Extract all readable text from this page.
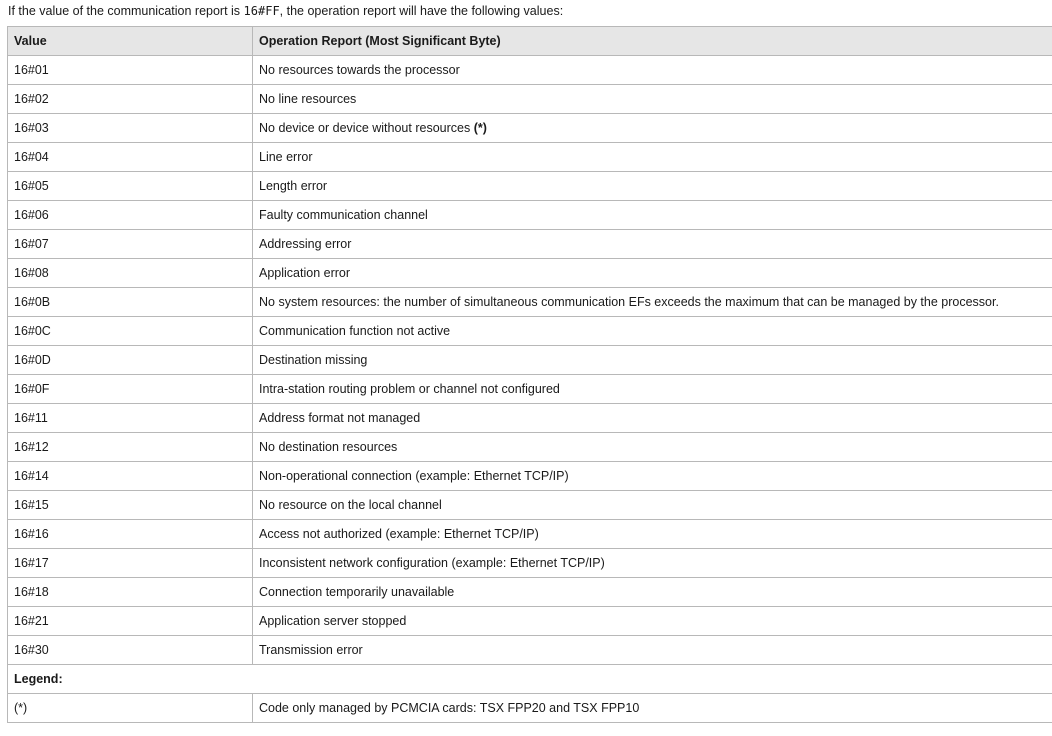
If the value of the communication report is 16#FF, the operation report will have the following values:
Value	Operation Report (Most Significant Byte)
16#01	No resources towards the processor
16#02	No line resources
16#03	No device or device without resources (*)
16#04	Line error
16#05	Length error
16#06	Faulty communication channel
16#07	Addressing error
16#08	Application error
16#0B	No system resources: the number of simultaneous communication EFs exceeds the maximum that can be managed by the processor.
16#0C	Communication function not active
16#0D	Destination missing
16#0F	Intra-station routing problem or channel not configured
16#11	Address format not managed
16#12	No destination resources
16#14	Non-operational connection (example: Ethernet TCP/IP)
16#15	No resource on the local channel
16#16	Access not authorized (example: Ethernet TCP/IP)
16#17	Inconsistent network configuration (example: Ethernet TCP/IP)
16#18	Connection temporarily unavailable
16#21	Application server stopped
16#30	Transmission error
Legend:	
(*)	Code only managed by PCMCIA cards: TSX FPP20 and TSX FPP10
